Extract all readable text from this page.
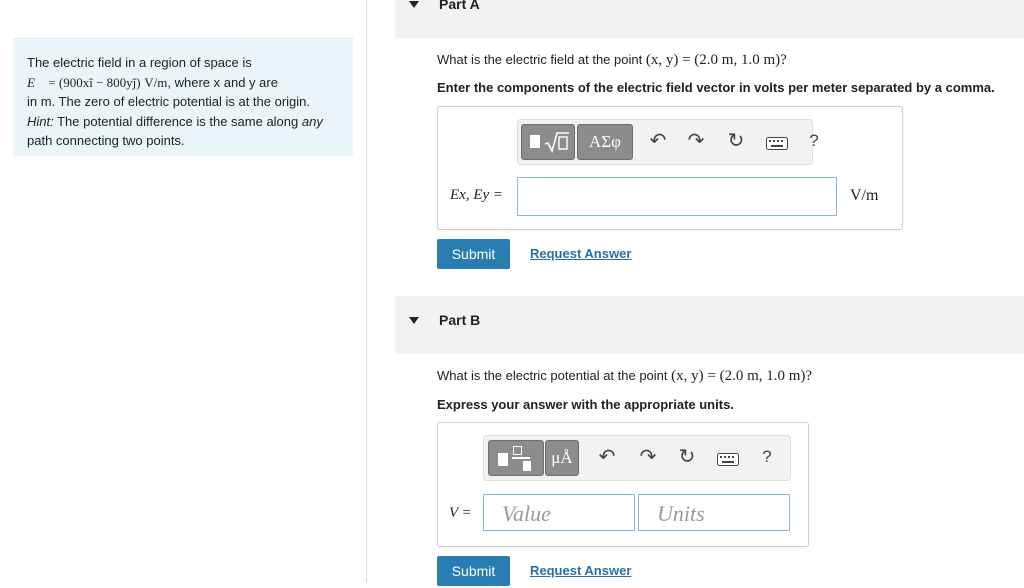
The electric field in a region of space is
E⃗ = (900xî − 800yĵ) V/m, where x and y are
in m. The zero of electric potential is at the origin.
Hint: The potential difference is the same along any
path connecting two points.
Part A
What is the electric field at the point (x, y) = (2.0 m, 1.0 m)?
Enter the components of the electric field vector in volts per meter separated by a comma.
ΑΣφ	↶ ↷ ↻	?
Ex, Ey =	V/m
Submit	Request Answer
Part B
What is the electric potential at the point (x, y) = (2.0 m, 1.0 m)?
Express your answer with the appropriate units.
μÅ	↶ ↷ ↻	?
V =	Value	Units
Submit	Request Answer
